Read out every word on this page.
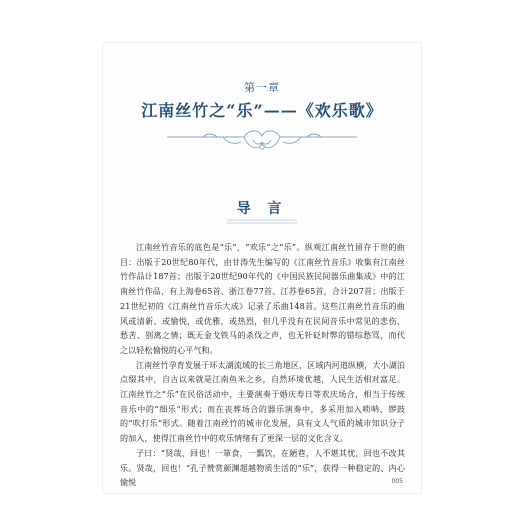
第一章
江南丝竹之“乐”——《欢乐歌》
导 言

江南丝竹音乐的底色是“乐”，“欢乐”之“乐”。纵观江南丝竹留存于世的曲目：出版于20世纪80年代，由甘涛先生编写的《江南丝竹音乐》收集有江南丝竹作品计187首；出版于20世纪90年代的《中国民族民间器乐曲集成》中的江南丝竹作品，有上海卷65首、浙江卷77首、江苏卷65首，合计207首；出版于21世纪初的《江南丝竹音乐大成》记录了乐曲148首。这些江南丝竹音乐的曲风或清新、或愉悦，或优雅，或热烈，但几乎没有在民间音乐中常见的悲伤、愁苦、别离之情；既无金戈铁马的杀伐之声，也无针砭时弊的错综愁骂，而代之以轻松愉悦的心平气和。

江南丝竹孕育发展于环太湖流域的长三角地区，区域内河道纵横，大小湖泊点缀其中，自古以来就是江南鱼米之乡，自然环境优越，人民生活相对富足。江南丝竹之“乐”在民俗活动中，主要演奏于婚庆寿日等欢庆场合，相当于传统音乐中的“细乐”形式；而在丧葬场合的器乐演奏中，多采用加入唢呐、锣鼓的“吹打乐”形式。随着江南丝竹的城市化发展，具有文人气质的城市知识分子的加入，使得江南丝竹中的欢乐情绪有了更深一层的文化含义。

子曰：“贤哉，回也！一箪食，一瓢饮，在陋巷，人不堪其忧，回也不改其乐。贤哉，回也！”孔子赞赏颜渊超越物质生活的“乐”，获得一种稳定的、内心愉悦	005
